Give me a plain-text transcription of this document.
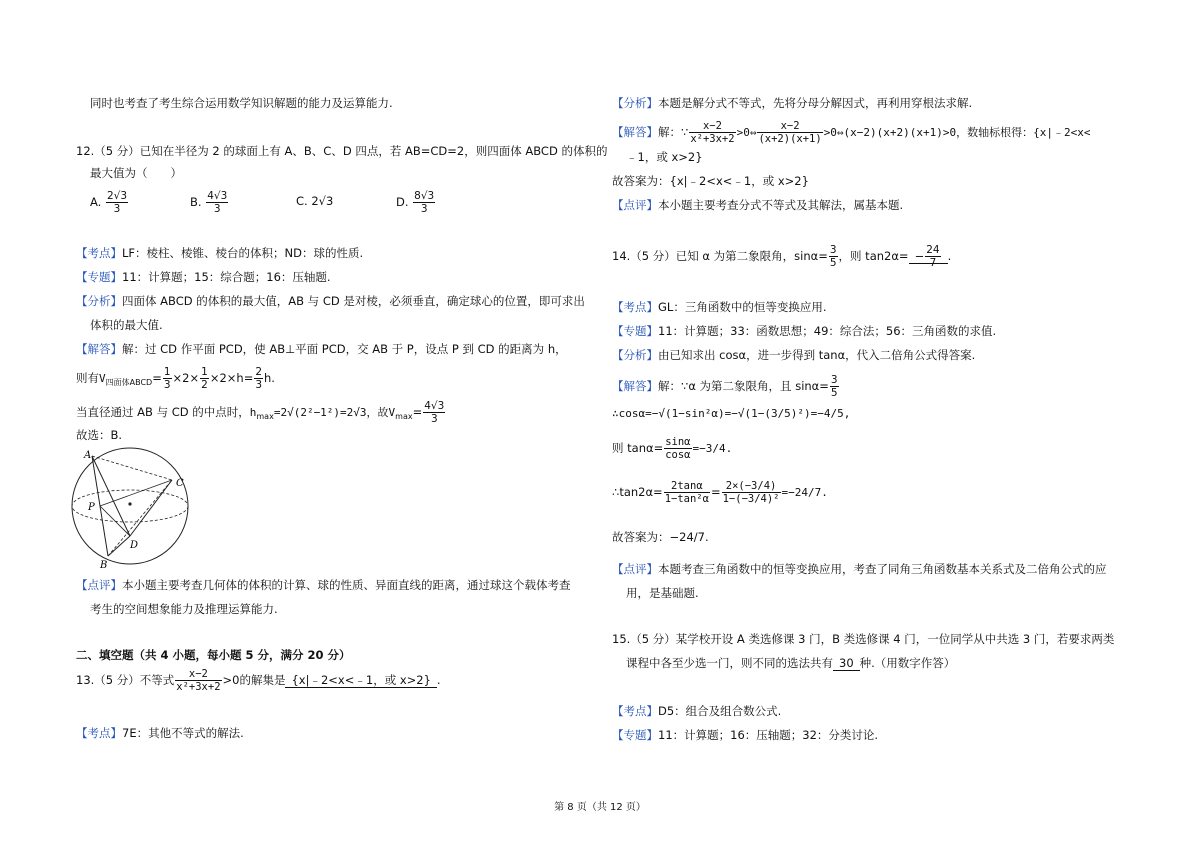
同时也考查了考生综合运用数学知识解题的能力及运算能力.
12.（5 分）已知在半径为 2 的球面上有 A、B、C、D 四点，若 AB=CD=2，则四面体 ABCD 的体积的
最大值为（　　）
A. $\frac{2√3}{3}$	B. $\frac{4√3}{3}$	C. 2√3	D. $\frac{8√3}{3}$
【考点】LF：棱柱、棱锥、棱台的体积；ND：球的性质.
【专题】11：计算题；15：综合题；16：压轴题.
【分析】四面体 ABCD 的体积的最大值，AB 与 CD 是对棱，必须垂直，确定球心的位置，即可求出
体积的最大值.
【解答】解：过 CD 作平面 PCD，使 AB⊥平面 PCD，交 AB 于 P，设点 P 到 CD 的距离为 h，
则有$V_{四面体ABCD}= \frac{1}{3} \times 2\times \frac{1}{2} \times 2\times h= \frac{2}{3} h$.
当直径通过 AB 与 CD 的中点时，$h_{max}=2√(2^2-1^2)=2√3$，故$V_{max}= \frac{4√3}{3}$
故选：B.
A
C
P
D
B
【点评】本小题主要考查几何体的体积的计算、球的性质、异面直线的距离，通过球这个载体考查
考生的空间想象能力及推理运算能力.
二、填空题（共 4 小题，每小题 5 分，满分 20 分）
13.（5 分）不等式 $\frac{x-2}{\text{x²+3x+2}} >0$的解集是 {x|﹣2<x<﹣1，或 x>2} .
【考点】7E：其他不等式的解法.
【分析】本题是解分式不等式，先将分母分解因式，再利用穿根法求解.
【解答】解：∵ $\frac{x-2}{\text{x²+3x+2}}$ >0⇔ $\frac{x-2}{(x+2)(x+1)}$ >0⇔(x−2)(x+2)(x+1)>0，数轴标根得：{x|﹣2<x<
﹣1，或 x>2}
故答案为：{x|﹣2<x<﹣1，或 x>2}
【点评】本小题主要考查分式不等式及其解法，属基本题.
14.（5 分）已知 α 为第二象限角，$\sin\alpha= \frac{3}{5}$ ，则 $\tan 2\alpha= - \frac{24}{7}$ .
【考点】GL：三角函数中的恒等变换应用.
【专题】11：计算题；33：函数思想；49：综合法；56：三角函数的求值.
【分析】由已知求出 cosα，进一步得到 tanα，代入二倍角公式得答案.
【解答】解：∵α 为第二象限角，且 $\sin\alpha= \frac{3}{5}$
∴cosα=−√(1−sin²α)=−√(1−(3/5)²)=−4/5,
则 $\tan\alpha= \frac{\sin\alpha}{\cos\alpha} =-3/4$.
∴tan2α= $\frac{2\tan\alpha}{\text{1−tan²α}} = \frac{2\times(-3/4)}{\text{1−(−3/4)²}} =-24/7$.
故答案为：−24/7.
【点评】本题考查三角函数中的恒等变换应用，考查了同角三角函数基本关系式及二倍角公式的应
用，是基础题.
15.（5 分）某学校开设 A 类选修课 3 门，B 类选修课 4 门，一位同学从中共选 3 门，若要求两类
课程中各至少选一门，则不同的选法共有 30 种.（用数字作答）
【考点】D5：组合及组合数公式.
【专题】11：计算题；16：压轴题；32：分类讨论.
第 8 页（共 12 页）
